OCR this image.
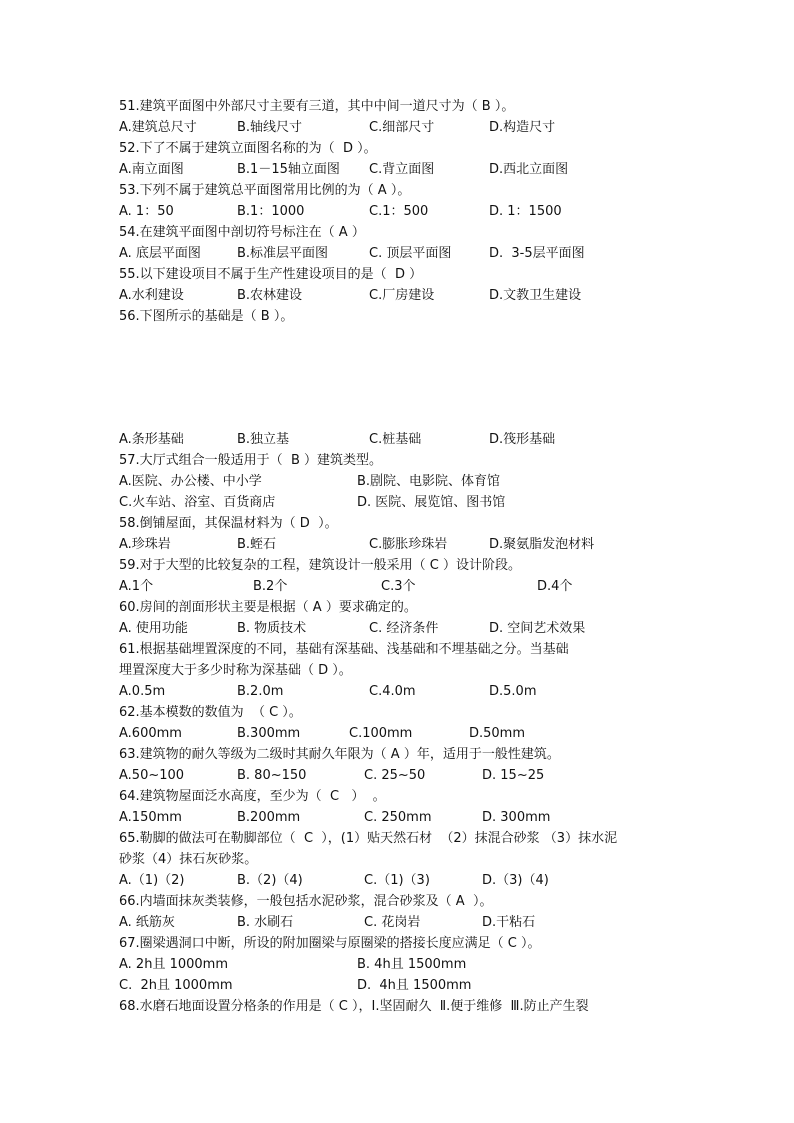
51.建筑平面图中外部尺寸主要有三道，其中中间一道尺寸为（ B ）。
A.建筑总尺寸	B.轴线尺寸	C.细部尺寸	D.构造尺寸
52.下了不属于建筑立面图名称的为（  D ）。
A.南立面图	B.1－15轴立面图 C.背立面图	D.西北立面图
53.下列不属于建筑总平面图常用比例的为（ A ）。
A. 1：50	B.1：1000	C.1：500	D. 1：1500
54.在建筑平面图中剖切符号标注在（ A ）
A. 底层平面图	B.标准层平面图	C. 顶层平面图	D.  3-5层平面图
55.以下建设项目不属于生产性建设项目的是（  D ）
A.水利建设	B.农林建设	C.厂房建设	D.文教卫生建设
56.下图所示的基础是（ B ）。
A.条形基础	B.独立基	C.桩基础	D.筏形基础
57.大厅式组合一般适用于（  B ）建筑类型。
A.医院、办公楼、中小学	B.剧院、电影院、体育馆
C.火车站、浴室、百货商店	D. 医院、展览馆、图书馆
58.倒铺屋面，其保温材料为（ D  ）。
A.珍珠岩	B.蛭石	C.膨胀珍珠岩	D.聚氨脂发泡材料
59.对于大型的比较复杂的工程，建筑设计一般采用（ C ）设计阶段。
A.1个	B.2个	C.3个	D.4个
60.房间的剖面形状主要是根据（ A ）要求确定的。
A. 使用功能	B. 物质技术	C. 经济条件	D. 空间艺术效果
61.根据基础埋置深度的不同，基础有深基础、浅基础和不埋基础之分。当基础
埋置深度大于多少时称为深基础（ D ）。
A.0.5m	B.2.0m	C.4.0m	D.5.0m
62.基本模数的数值为  （ C ）。
A.600mm	B.300mm	C.100mm	D.50mm
63.建筑物的耐久等级为二级时其耐久年限为（ A ）年，适用于一般性建筑。
A.50~100	B. 80~150	C. 25~50	D. 15~25
64.建筑物屋面泛水高度，至少为（  C   ）  。
A.150mm	B.200mm	C. 250mm	D. 300mm
65.勒脚的做法可在勒脚部位（  C  ），(1）贴天然石材  （2）抹混合砂浆 （3）抹水泥
砂浆（4）抹石灰砂浆。
A.（1)（2)	B.（2)（4)	C.（1)（3)	D.（3)（4)
66.内墙面抹灰类装修，一般包括水泥砂浆，混合砂浆及（ A  ）。
A. 纸筋灰	B. 水刷石	C. 花岗岩	D.干粘石
67.圈梁遇洞口中断，所设的附加圈梁与原圈梁的搭接长度应满足（ C ）。
A. 2h且 1000mm	B. 4h且 1500mm
C.  2h且 1000mm	D.  4h且 1500mm
68.水磨石地面设置分格条的作用是（ C ），Ⅰ.坚固耐久  Ⅱ.便于维修  Ⅲ.防止产生裂
